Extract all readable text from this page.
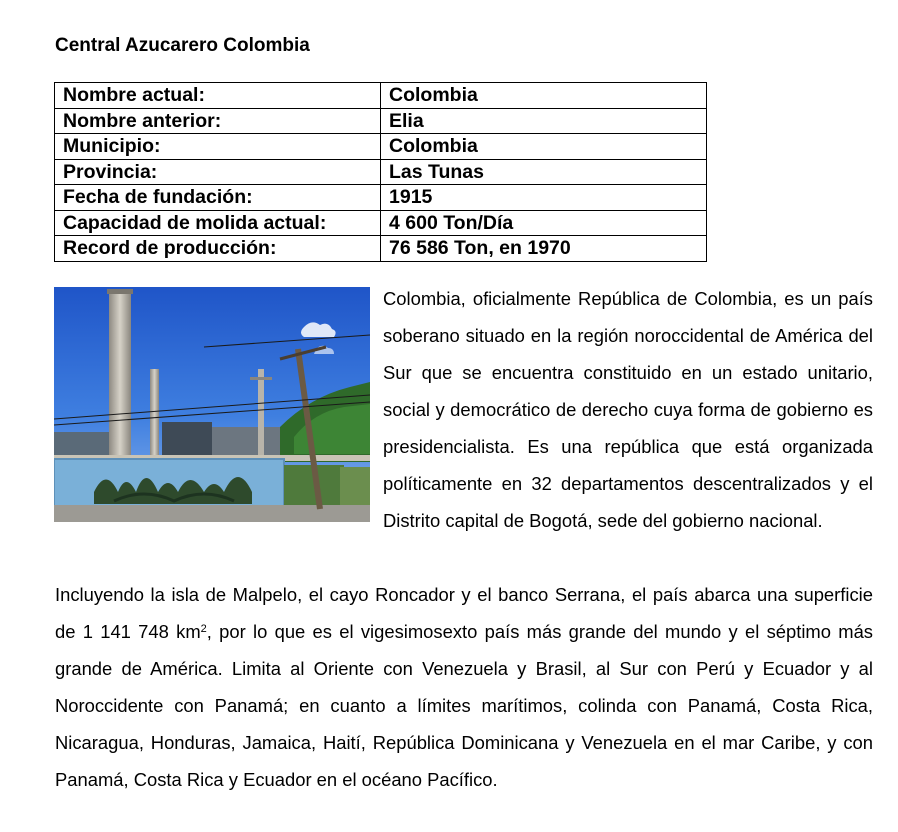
Central Azucarero Colombia
Nombre actual:	Colombia
Nombre anterior:	Elia
Municipio:	Colombia
Provincia:	Las Tunas
Fecha de fundación:	1915
Capacidad de molida actual:	4 600 Ton/Día
Record de producción:	76 586 Ton, en 1970

Colombia, oficialmente República de Colombia, es un país soberano situado en la región noroccidental de América del Sur que se encuentra constituido en un estado unitario, social y democrático de derecho cuya forma de gobierno es presidencialista. Es una república que está organizada políticamente en 32 departamentos descentralizados y el Distrito capital de Bogotá, sede del gobierno nacional.

Incluyendo la isla de Malpelo, el cayo Roncador y el banco Serrana, el país abarca una superficie de 1 141 748 $km^2$, por lo que es el vigesimosexto país más grande del mundo y el séptimo más grande de América. Limita al Oriente con Venezuela y Brasil, al Sur con Perú y Ecuador y al Noroccidente con Panamá; en cuanto a límites marítimos, colinda con Panamá, Costa Rica, Nicaragua, Honduras, Jamaica, Haití, República Dominicana y Venezuela en el mar Caribe, y con Panamá, Costa Rica y Ecuador en el océano Pacífico.
